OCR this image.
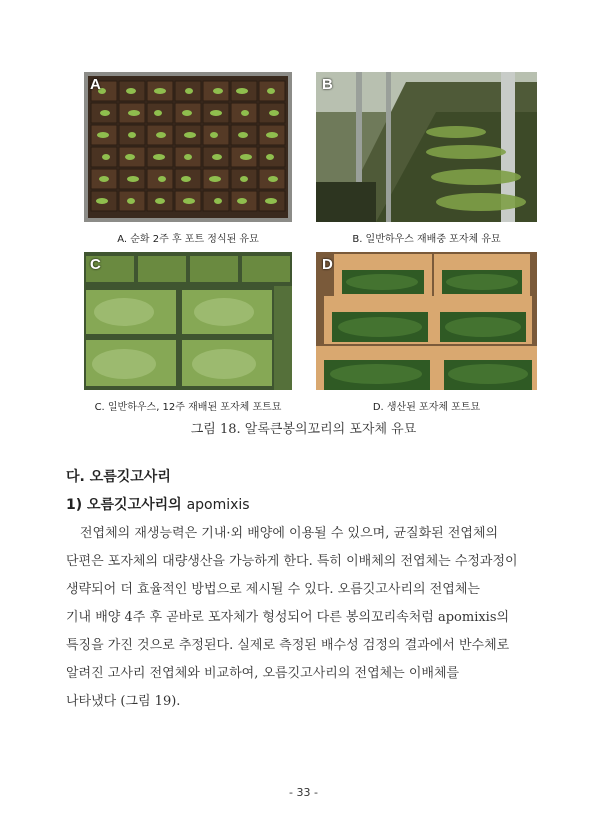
A	B
A. 순화 2주 후 포트 정식된 유묘	B. 일반하우스 재배중 포자체 유묘
C	D
C. 일반하우스, 12주 재배된 포자체 포트묘	D. 생산된 포자체 포트묘
그림 18. 알록큰봉의꼬리의 포자체 유묘
다. 오름깃고사리
1) 오름깃고사리의 apomixis
전엽체의 재생능력은 기내·외 배양에 이용될 수 있으며, 균질화된 전엽체의
단편은 포자체의 대량생산을 가능하게 한다. 특히 이배체의 전엽체는 수정과정이
생략되어 더 효율적인 방법으로 제시될 수 있다. 오름깃고사리의 전엽체는
기내 배양 4주 후 곧바로 포자체가 형성되어 다른 봉의꼬리속처럼 apomixis의
특징을 가진 것으로 추정된다. 실제로 측정된 배수성 검정의 결과에서 반수체로
알려진 고사리 전엽체와 비교하여, 오름깃고사리의 전엽체는 이배체를
나타냈다 (그림 19).
- 33 -
